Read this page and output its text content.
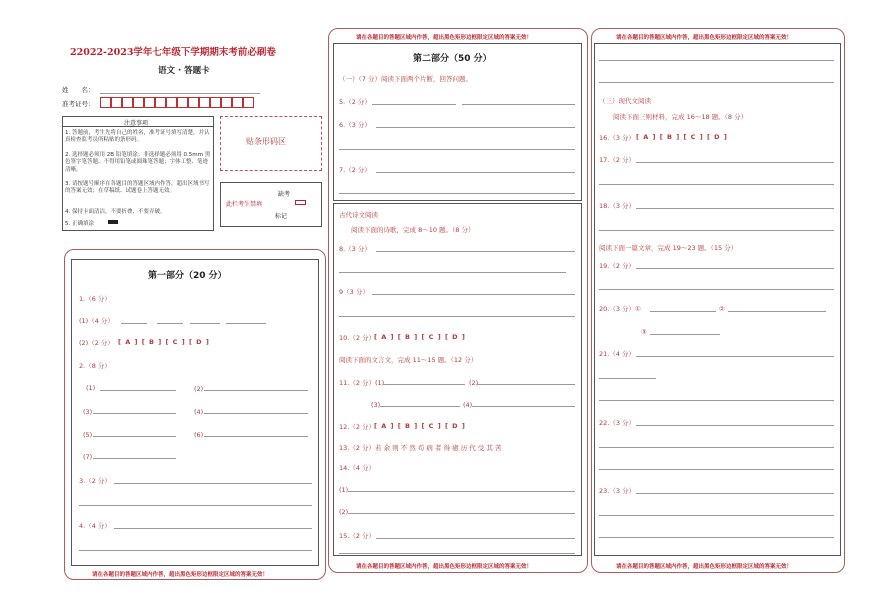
22022-2023学年七年级下学期期末考前必刷卷
语文 · 答题卡
姓　　名：
准考证号：
注意事项
1. 答题前，考生先将自己的姓名，准考证号填写清楚，并认真检查监考员所粘贴的条形码。
2. 选择题必须用 2B 铅笔填涂；非选择题必须用 0.5mm 黑色签字笔答题，不得用铅笔或圆珠笔答题；字体工整、笔迹清晰。
3. 请按题号顺序在各题目的答题区域内作答，超出区域书写的答案无效；在草稿纸、试题卷上答题无效。
4. 保持卡面清洁，不要折叠、不要弄破。
5. 正确填涂
贴条形码区
缺考
此栏考生禁填
标记
第一部分（20 分）
1.（6 分）
(1)（4 分）
(2)（2 分） [ A ] [ B ] [ C ] [ D ]
2.（8 分）
(1)	(2)
(3)	(4)
(5)	(6)
(7)
3.（2 分）
4.（4 分）
请在各题目的答题区域内作答，超出黑色矩形边框限定区域的答案无效！
请在各题目的答题区域内作答，超出黑色矩形边框限定区域的答案无效！
第二部分（50 分）
（一）（7 分）阅读下面两个片断，回答问题。
5.（2 分）
6.（3 分）
7.（2 分）
古代诗文阅读
阅读下面的诗歌，完成 8～10 题。（8 分）
8.（3 分）
9（3 分）
10.（2 分）
[ A ] [ B ] [ C ] [ D ]
阅读下面的文言文，完成 11～15 题。（12 分）
11.（2 分） (1)	(2)
(3)	(4)
12.（2 分）
[ A ] [ B ] [ C ] [ D ]
13.（2 分）若 余 则 不 然 苟 病 者 得 癒 历 代 受 其 苦
14.（4 分）
(1)
(2)
15.（2 分）
请在各题目的答题区域内作答，超出黑色矩形边框限定区域的答案无效！
请在各题目的答题区域内作答，超出黑色矩形边框限定区域的答案无效！
（三）现代文阅读
阅读下面三则材料，完成 16～18 题。（8 分）
16.（3 分） [ A ] [ B ] [ C ] [ D ]
17.（2 分）
18.（3 分）
阅读下面一篇文章，完成 19～23 题。（15 分）
19.（2 分）
20.（3 分）①	②
③
21.（4 分）
22.（3 分）
23.（3 分）
请在各题目的答题区域内作答，超出黑色矩形边框限定区域的答案无效！
